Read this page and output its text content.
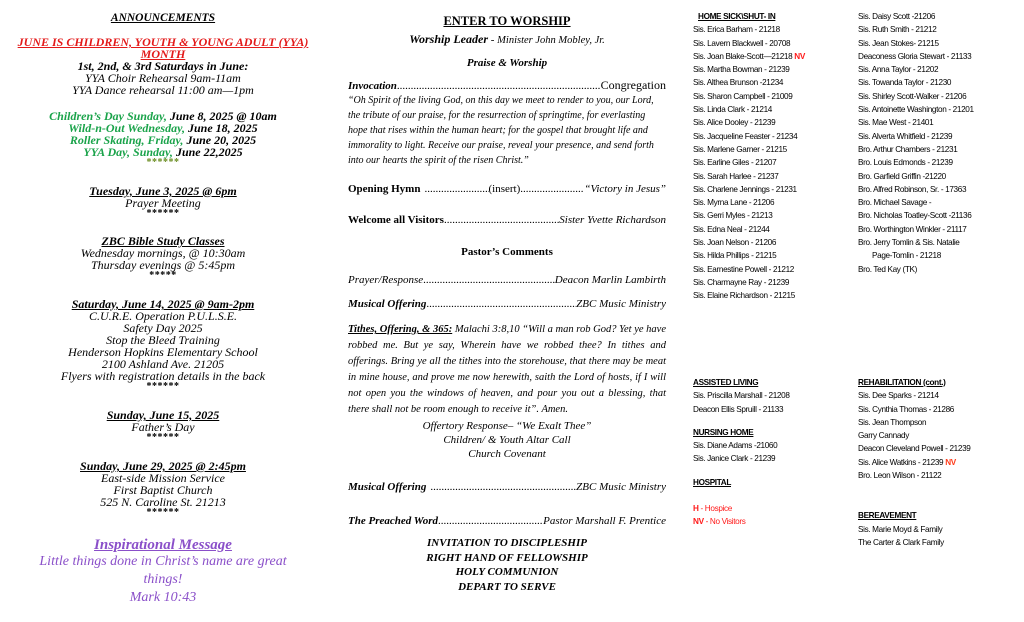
ANNOUNCEMENTS
JUNE IS CHILDREN, YOUTH & YOUNG ADULT (YYA)
MONTH
1st, 2nd, & 3rd Saturdays in June:
YYA Choir Rehearsal 9am-11am
YYA Dance rehearsal 11:00 am—1pm
Children’s Day Sunday, June 8, 2025 @ 10am
Wild-n-Out Wednesday, June 18, 2025
Roller Skating, Friday, June 20, 2025
YYA Day, Sunday, June 22,2025
******
Tuesday, June 3, 2025 @ 6pm
Prayer Meeting
******
ZBC Bible Study Classes
Wednesday mornings, @ 10:30am
Thursday evenings @ 5:45pm
*****
Saturday, June 14, 2025 @ 9am-2pm
C.U.R.E. Operation P.U.L.S.E.
Safety Day 2025
Stop the Bleed Training
Henderson Hopkins Elementary School
2100 Ashland Ave. 21205
Flyers with registration details in the back
******
Sunday, June 15, 2025
Father’s Day
******
Sunday, June 29, 2025 @ 2:45pm
East-side Mission Service
First Baptist Church
525 N. Caroline St. 21213
******
Inspirational Message
Little things done in Christ’s name are great
things!
Mark 10:43
ENTER TO WORSHIP
Worship Leader - Minister John Mobley, Jr.
Praise & Worship
Invocation .....	Congregation
“Oh Spirit of the living God, on this day we meet to render to you, our Lord, the tribute of our praise, for the resurrection of springtime, for everlasting hope that rises within the human heart; for the gospel that brought life and immorality to light. Receive our praise, reveal your presence, and send forth into our hearts the spirit of the risen Christ.”
Opening Hymn .....	(insert) .....	“Victory in Jesus”
Welcome all Visitors .....	Sister Yvette Richardson
Pastor’s Comments
Prayer/Response .....	Deacon Marlin Lambirth
Musical Offering .....	ZBC Music Ministry
Tithes, Offering, & 365: Malachi 3:8,10 “Will a man rob God? Yet ye have robbed me. But ye say, Wherein have we robbed thee? In tithes and offerings. Bring ye all the tithes into the storehouse, that there may be meat in mine house, and prove me now herewith, saith the Lord of hosts, if I will not open you the windows of heaven, and pour you out a blessing, that there shall not be room enough to receive it”. Amen.
Offertory Response– “We Exalt Thee”
Children/ & Youth Altar Call
Church Covenant
Musical Offering .....	ZBC Music Ministry
The Preached Word .....	Pastor Marshall F. Prentice
INVITATION TO DISCIPLESHIP
RIGHT HAND OF FELLOWSHIP
HOLY COMMUNION
DEPART TO SERVE
HOME SICK\SHUT- IN
Sis. Erica Barham - 21218
Sis. Lavern Blackwell - 20708
Sis. Joan Blake-Scott—21218 NV
Sis. Martha Bowman - 21239
Sis. Althea Brunson -21234
Sis. Sharon Campbell - 21009
Sis. Linda Clark - 21214
Sis. Alice Dooley - 21239
Sis. Jacqueline Feaster - 21234
Sis. Marlene Garner - 21215
Sis. Earline Giles - 21207
Sis. Sarah Harlee - 21237
Sis. Charlene Jennings - 21231
Sis. Myrna Lane - 21206
Sis. Gerri Myles - 21213
Sis. Edna Neal - 21244
Sis. Joan Nelson - 21206
Sis. Hilda Phillips - 21215
Sis. Earnestine Powell - 21212
Sis. Charmayne Ray - 21239
Sis. Elaine Richardson - 21215
Sis. Daisy Scott -21206
Sis. Ruth Smith - 21212
Sis. Jean Stokes- 21215
Deaconess Gloria Stewart - 21133
Sis. Anna Taylor - 21202
Sis. Towanda Taylor - 21230
Sis. Shirley Scott-Walker - 21206
Sis. Antoinette Washington - 21201
Sis. Mae West - 21401
Sis. Alverta Whitfield - 21239
Bro. Arthur Chambers - 21231
Bro. Louis Edmonds - 21239
Bro. Garfield Griffin -21220
Bro. Alfred Robinson, Sr. - 17363
Bro. Michael Savage -
Bro. Nicholas Toatley-Scott -21136
Bro. Worthington Winkler - 21117
Bro. Jerry Tomlin & Sis. Natalie
Page-Tomlin - 21218
Bro. Ted Kay (TK)
ASSISTED LIVING
Sis. Priscilla Marshall - 21208
Deacon Ellis Spruill - 21133
NURSING HOME
Sis. Diane Adams -21060
Sis. Janice Clark - 21239
HOSPITAL
H - Hospice
NV - No Visitors
REHABILITATION (cont.)
Sis. Dee Sparks - 21214
Sis. Cynthia Thomas - 21286
Sis. Jean Thompson
Garry Cannady
Deacon Cleveland Powell - 21239
Sis. Alice Watkins - 21239 NV
Bro. Leon Wilson - 21122
BEREAVEMENT
Sis. Marie Moyd & Family
The Carter & Clark Family
